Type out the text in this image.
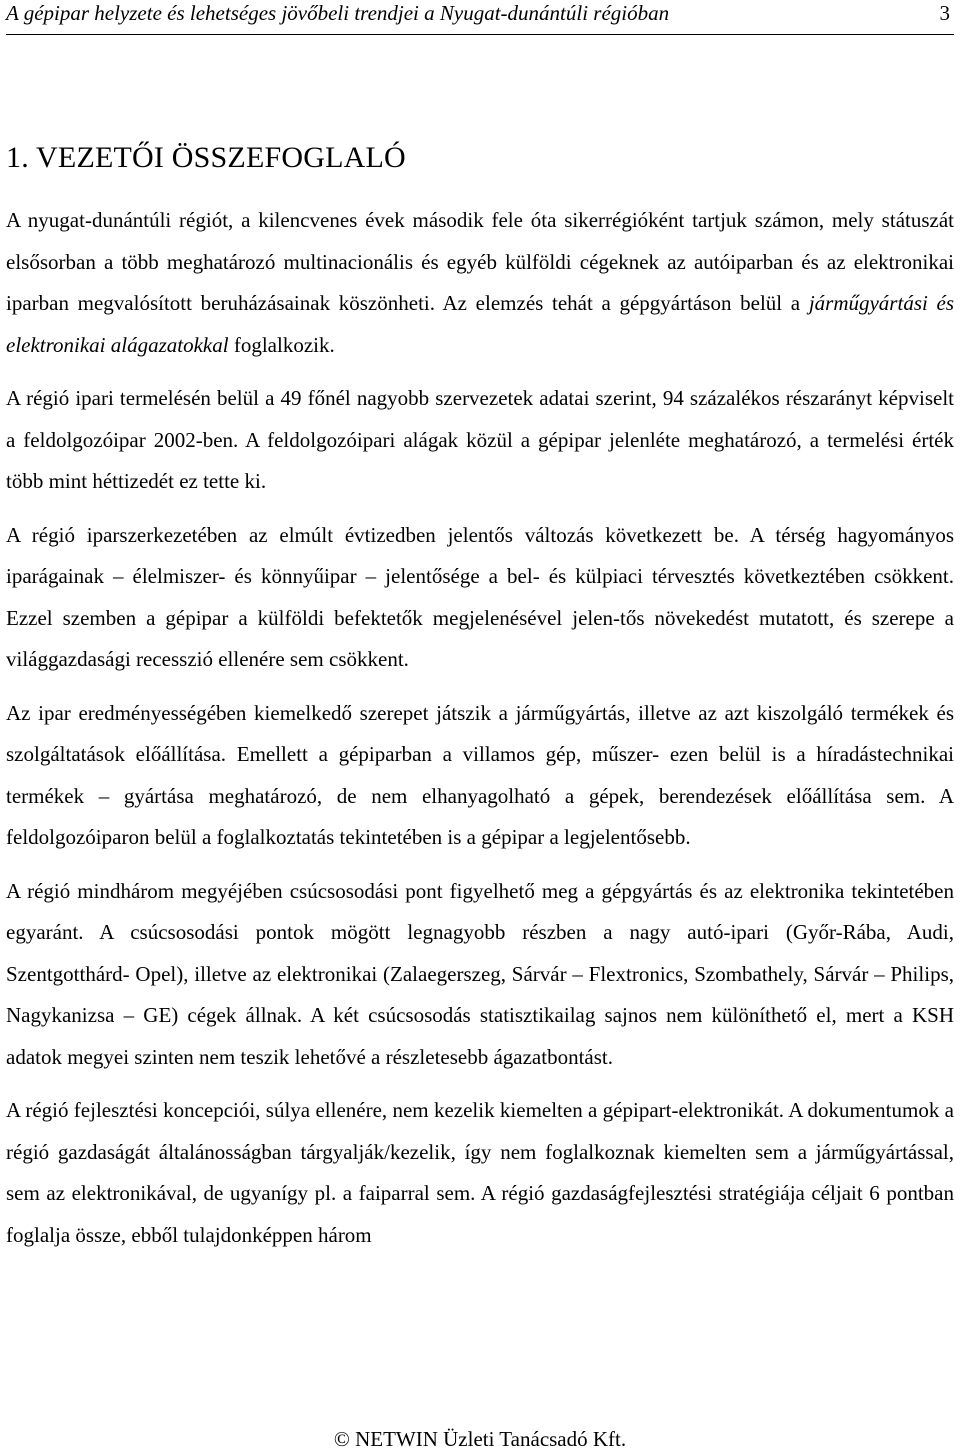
A gépipar helyzete és lehetséges jövőbeli trendjei a Nyugat-dunántúli régióban	3
1. VEZETŐI ÖSSZEFOGLALÓ

A nyugat-dunántúli régiót, a kilencvenes évek második fele óta sikerrégióként tartjuk számon, mely státuszát elsősorban a több meghatározó multinacionális és egyéb külföldi cégeknek az autóiparban és az elektronikai iparban megvalósított beruházásainak köszönheti. Az elemzés tehát a gépgyártáson belül a járműgyártási és elektronikai alágazatokkal foglalkozik.

A régió ipari termelésén belül a 49 főnél nagyobb szervezetek adatai szerint, 94 százalékos részarányt képviselt a feldolgozóipar 2002-ben. A feldolgozóipari alágak közül a gépipar jelenléte meghatározó, a termelési érték több mint héttizedét ez tette ki.

A régió iparszerkezetében az elmúlt évtizedben jelentős változás következett be. A térség hagyományos iparágainak – élelmiszer- és könnyűipar – jelentősége a bel- és külpiaci térvesztés következtében csökkent. Ezzel szemben a gépipar a külföldi befektetők megjelenésével jelen-tős növekedést mutatott, és szerepe a világgazdasági recesszió ellenére sem csökkent.

Az ipar eredményességében kiemelkedő szerepet játszik a járműgyártás, illetve az azt kiszolgáló termékek és szolgáltatások előállítása. Emellett a gépiparban a villamos gép, műszer- ezen belül is a híradástechnikai termékek – gyártása meghatározó, de nem elhanyagolható a gépek, berendezések előállítása sem. A feldolgozóiparon belül a foglalkoztatás tekintetében is a gépipar a legjelentősebb.

A régió mindhárom megyéjében csúcsosodási pont figyelhető meg a gépgyártás és az elektronika tekintetében egyaránt. A csúcsosodási pontok mögött legnagyobb részben a nagy autó-ipari (Győr-Rába, Audi, Szentgotthárd- Opel), illetve az elektronikai (Zalaegerszeg, Sárvár – Flextronics, Szombathely, Sárvár – Philips, Nagykanizsa – GE) cégek állnak. A két csúcsosodás statisztikailag sajnos nem különíthető el, mert a KSH adatok megyei szinten nem teszik lehetővé a részletesebb ágazatbontást.

A régió fejlesztési koncepciói, súlya ellenére, nem kezelik kiemelten a gépipart-elektronikát. A dokumentumok a régió gazdaságát általánosságban tárgyalják/kezelik, így nem foglalkoznak kiemelten sem a járműgyártással, sem az elektronikával, de ugyanígy pl. a faiparral sem. A régió gazdaságfejlesztési stratégiája céljait 6 pontban foglalja össze, ebből tulajdonképpen három

© NETWIN Üzleti Tanácsadó Kft.
